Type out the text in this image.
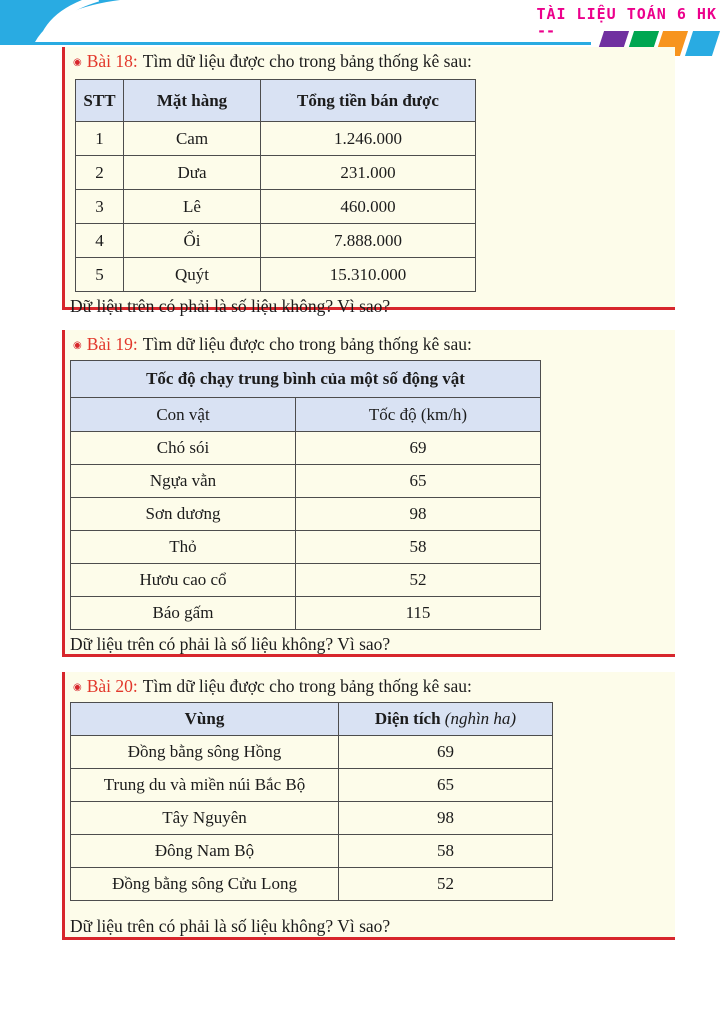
TÀI LIỆU TOÁN 6 HK
--
◉ Bài 18: Tìm dữ liệu được cho trong bảng thống kê sau:
STT	Mặt hàng	Tổng tiền bán được
1	Cam	1.246.000
2	Dưa	231.000
3	Lê	460.000
4	Ổi	7.888.000
5	Quýt	15.310.000
Dữ liệu trên có phải là số liệu không? Vì sao?
◉ Bài 19: Tìm dữ liệu được cho trong bảng thống kê sau:
Tốc độ chạy trung bình của một số động vật	
Con vật	Tốc độ (km/h)
Chó sói	69
Ngựa vằn	65
Sơn dương	98
Thỏ	58
Hươu cao cổ	52
Báo gấm	115
Dữ liệu trên có phải là số liệu không? Vì sao?
◉ Bài 20: Tìm dữ liệu được cho trong bảng thống kê sau:
Vùng	Diện tích (nghìn ha)
Đồng bằng sông Hồng	69
Trung du và miền núi Bắc Bộ	65
Tây Nguyên	98
Đông Nam Bộ	58
Đồng bằng sông Cửu Long	52
Dữ liệu trên có phải là số liệu không? Vì sao?
